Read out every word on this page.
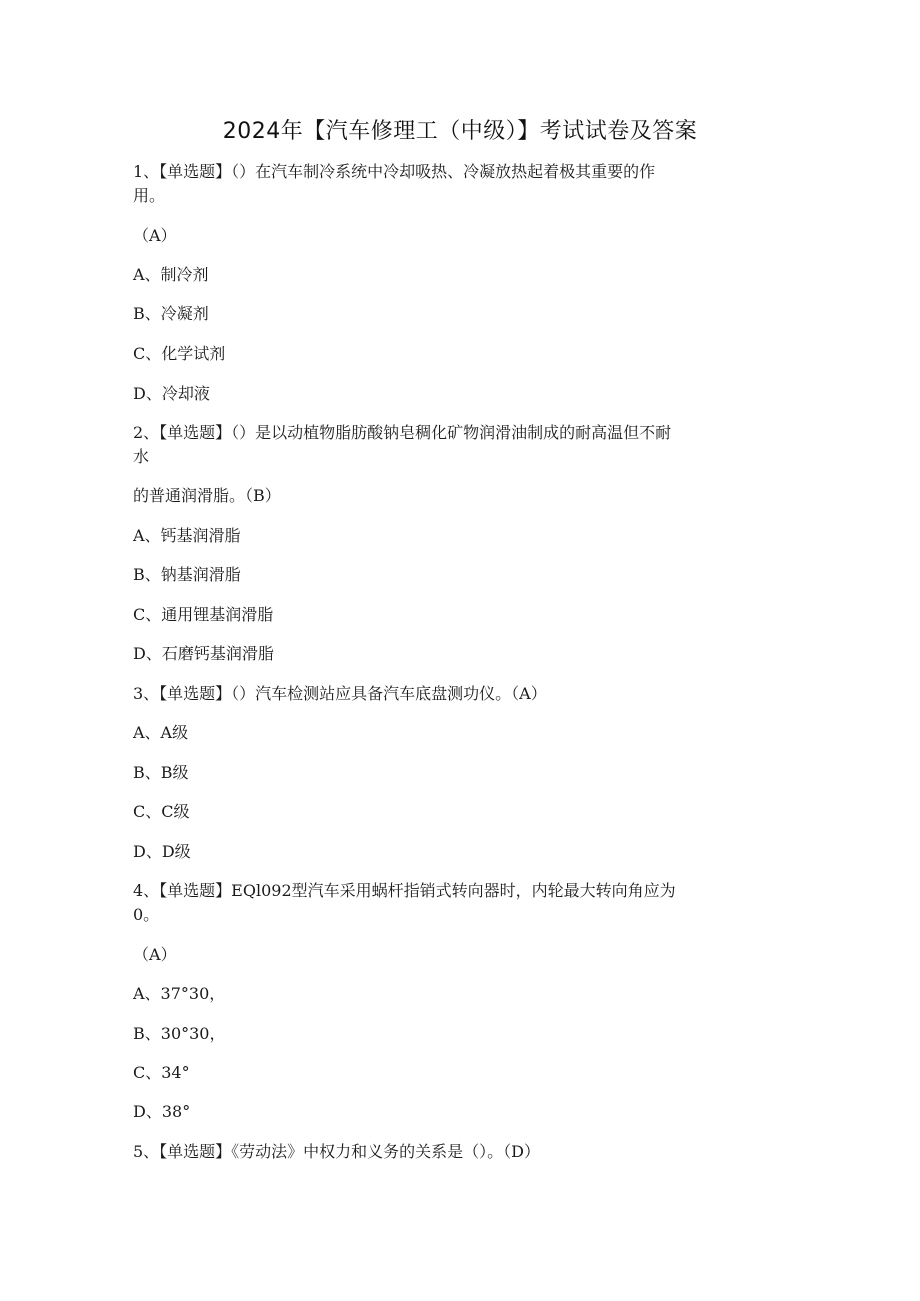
2024年【汽车修理工（中级）】考试试卷及答案
1、【单选题】（）在汽车制冷系统中冷却吸热、冷凝放热起着极其重要的作
用。
（A）
A、制冷剂
B、冷凝剂
C、化学试剂
D、冷却液
2、【单选题】（）是以动植物脂肪酸钠皂稠化矿物润滑油制成的耐高温但不耐
水
的普通润滑脂。（B）
A、钙基润滑脂
B、钠基润滑脂
C、通用锂基润滑脂
D、石磨钙基润滑脂
3、【单选题】（）汽车检测站应具备汽车底盘测功仪。（A）
A、A级
B、B级
C、C级
D、D级
4、【单选题】EQl092型汽车采用蜗杆指销式转向器时，内轮最大转向角应为
0。
（A）
A、37°30，
B、30°30，
C、34°
D、38°
5、【单选题】《劳动法》中权力和义务的关系是（）。（D）
